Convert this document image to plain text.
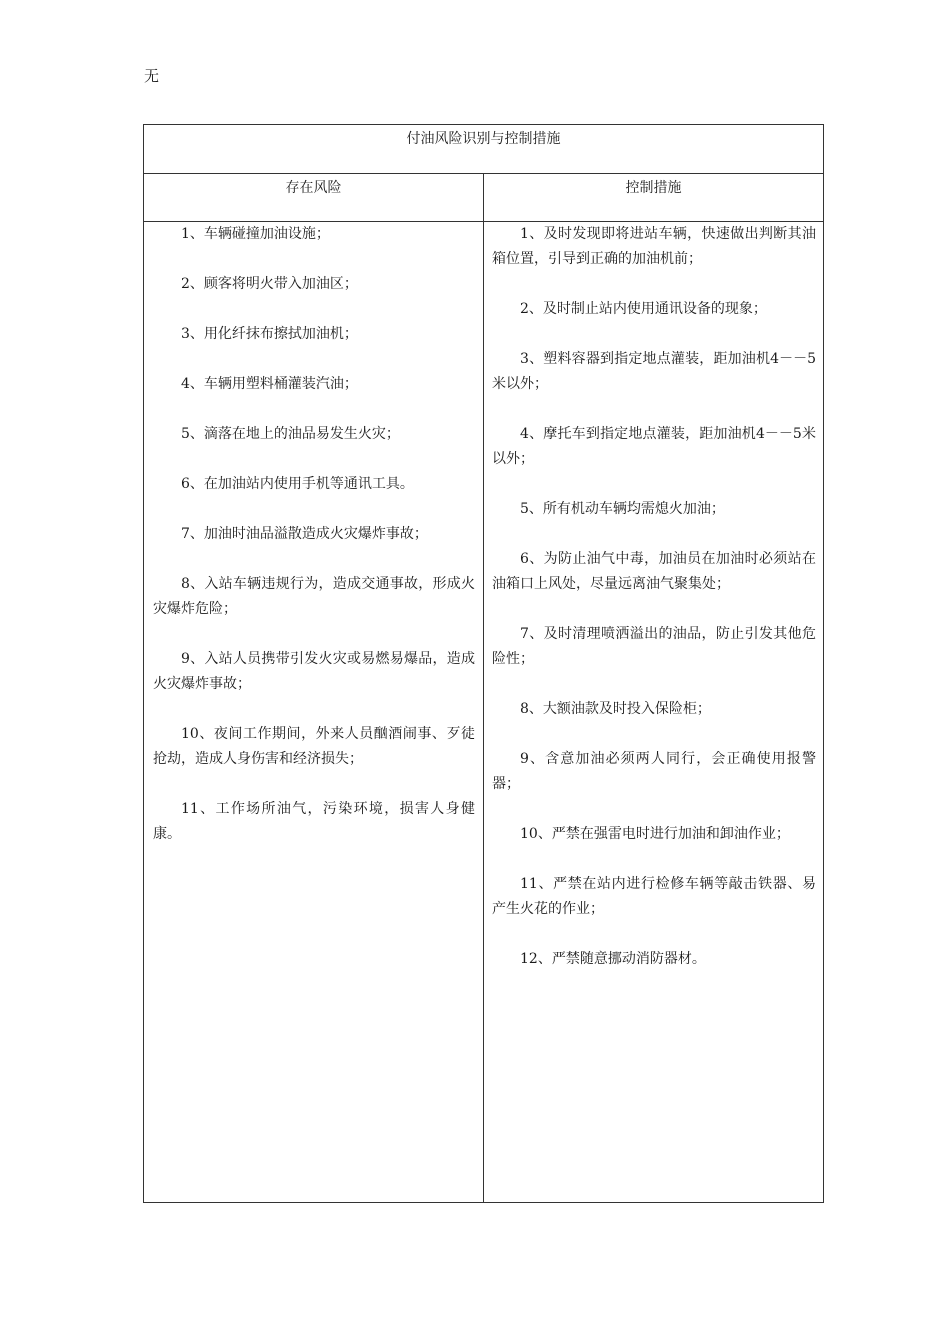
无
付油风险识别与控制措施
存在风险	控制措施

1、车辆碰撞加油设施；

2、顾客将明火带入加油区；

3、用化纤抹布擦拭加油机；

4、车辆用塑料桶灌装汽油；

5、滴落在地上的油品易发生火灾；

6、在加油站内使用手机等通讯工具。

7、加油时油品溢散造成火灾爆炸事故；

8、入站车辆违规行为，造成交通事故，形成火灾爆炸危险；

9、入站人员携带引发火灾或易燃易爆品，造成火灾爆炸事故；

10、夜间工作期间，外来人员酗酒闹事、歹徒抢劫，造成人身伤害和经济损失；

11、工作场所油气，污染环境，损害人身健康。

1、及时发现即将进站车辆，快速做出判断其油箱位置，引导到正确的加油机前；

2、及时制止站内使用通讯设备的现象；

3、塑料容器到指定地点灌装，距加油机4－－5米以外；

4、摩托车到指定地点灌装，距加油机4－－5米以外；

5、所有机动车辆均需熄火加油；

6、为防止油气中毒，加油员在加油时必须站在油箱口上风处，尽量远离油气聚集处；

7、及时清理喷洒溢出的油品，防止引发其他危险性；

8、大额油款及时投入保险柜；

9、含意加油必须两人同行，会正确使用报警器；

10、严禁在强雷电时进行加油和卸油作业；

11、严禁在站内进行检修车辆等敲击铁器、易产生火花的作业；

12、严禁随意挪动消防器材。
